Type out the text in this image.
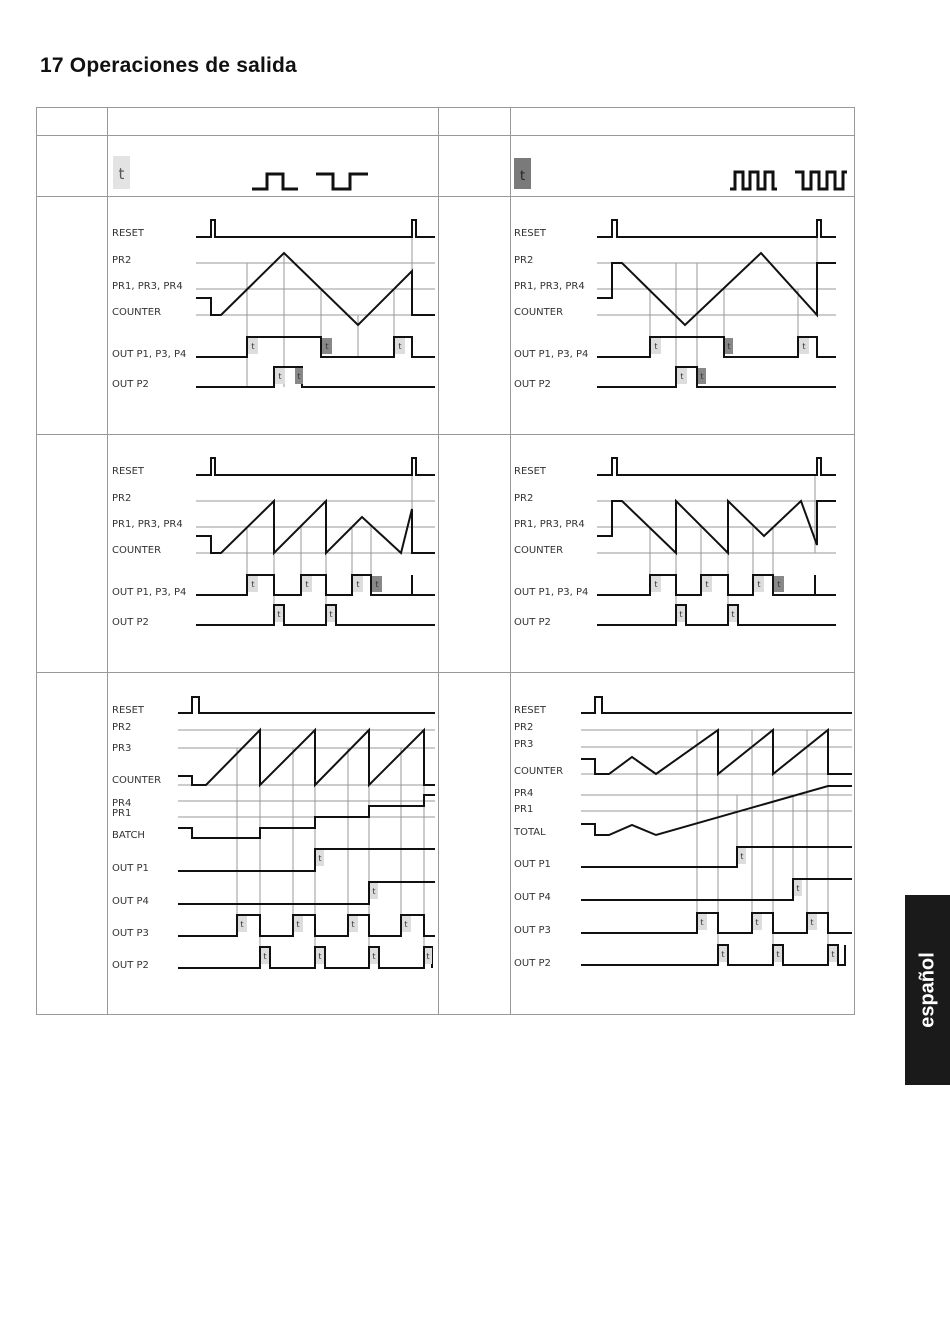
17 Operaciones de salida
t	t
RESET
PR2
PR1, PR3, PR4
COUNTER
OUT P1, P3, P4
OUT P2
t	t	t
t t
RESET
PR2
PR1, PR3, PR4
COUNTER
OUT P1, P3, P4
OUT P2
t	t	t
t t
RESET
PR2
PR1, PR3, PR4
COUNTER
OUT P1, P3, P4
OUT P2
t	t	t t
t	t
RESET
PR2
PR1, PR3, PR4
COUNTER
OUT P1, P3, P4
OUT P2
t	t	t t
t	t
RESET
PR2
PR3
COUNTER
PR4
PR1
BATCH
OUT P1
OUT P4
OUT P3
OUT P2
t
t
t	t	t	t
t	t	t	t
RESET
PR2
PR3
COUNTER
PR4
PR1
TOTAL
OUT P1
OUT P4
OUT P3
OUT P2
t
t
t	t	t
t	t	t	español
